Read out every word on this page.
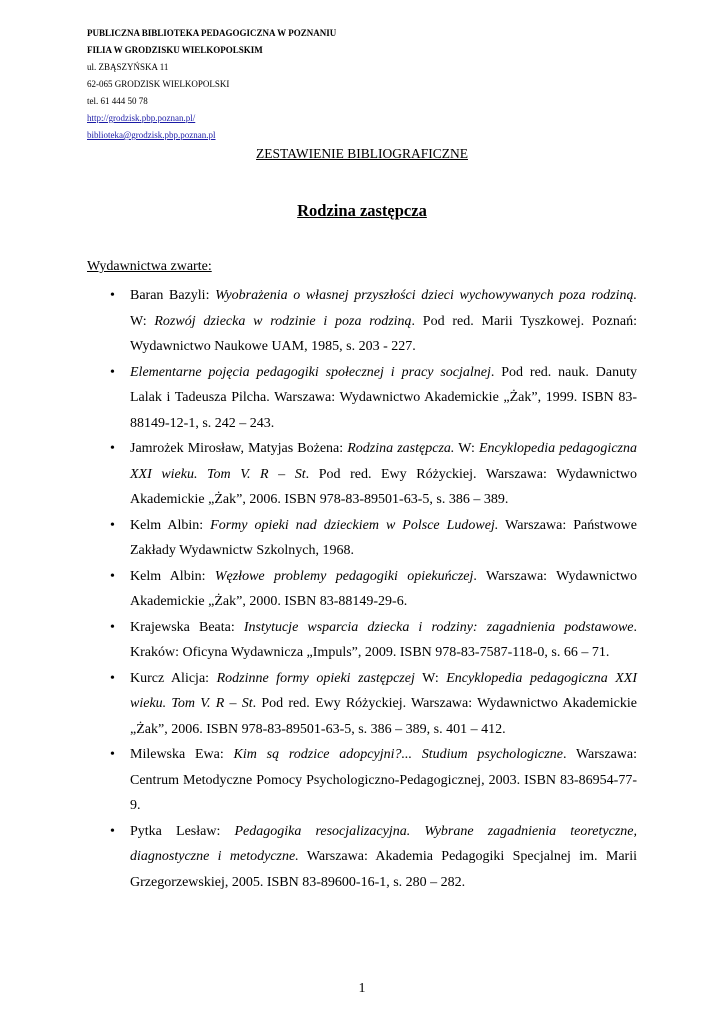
PUBLICZNA BIBLIOTEKA PEDAGOGICZNA W POZNANIU
FILIA W GRODZISKU WIELKOPOLSKIM
ul. ZBĄSZYŃSKA 11
62-065 GRODZISK WIELKOPOLSKI
tel. 61 444 50 78
http://grodzisk.pbp.poznan.pl/
biblioteka@grodzisk.pbp.poznan.pl
ZESTAWIENIE BIBLIOGRAFICZNE
Rodzina zastępcza
Wydawnictwa zwarte:
• Baran Bazyli: Wyobrażenia o własnej przyszłości dzieci wychowywanych poza rodziną. W: Rozwój dziecka w rodzinie i poza rodziną. Pod red. Marii Tyszkowej. Poznań: Wydawnictwo Naukowe UAM, 1985, s. 203 - 227.
• Elementarne pojęcia pedagogiki społecznej i pracy socjalnej. Pod red. nauk. Danuty Lalak i Tadeusza Pilcha. Warszawa: Wydawnictwo Akademickie „Żak”, 1999. ISBN 83-88149-12-1, s. 242 – 243.
• Jamrożek Mirosław, Matyjas Bożena: Rodzina zastępcza. W: Encyklopedia pedagogiczna XXI wieku. Tom V. R – St. Pod red. Ewy Różyckiej. Warszawa: Wydawnictwo Akademickie „Żak”, 2006. ISBN 978-83-89501-63-5, s. 386 – 389.
• Kelm Albin: Formy opieki nad dzieckiem w Polsce Ludowej. Warszawa: Państwowe Zakłady Wydawnictw Szkolnych, 1968.
• Kelm Albin: Węzłowe problemy pedagogiki opiekuńczej. Warszawa: Wydawnictwo Akademickie „Żak”, 2000. ISBN 83-88149-29-6.
• Krajewska Beata: Instytucje wsparcia dziecka i rodziny: zagadnienia podstawowe. Kraków: Oficyna Wydawnicza „Impuls”, 2009. ISBN 978-83-7587-118-0, s. 66 – 71.
• Kurcz Alicja: Rodzinne formy opieki zastępczej W: Encyklopedia pedagogiczna XXI wieku. Tom V. R – St. Pod red. Ewy Różyckiej. Warszawa: Wydawnictwo Akademickie „Żak”, 2006. ISBN 978-83-89501-63-5, s. 386 – 389, s. 401 – 412.
• Milewska Ewa: Kim są rodzice adopcyjni?... Studium psychologiczne. Warszawa: Centrum Metodyczne Pomocy Psychologiczno-Pedagogicznej, 2003. ISBN 83-86954-77-9.
• Pytka Lesław: Pedagogika resocjalizacyjna. Wybrane zagadnienia teoretyczne, diagnostyczne i metodyczne. Warszawa: Akademia Pedagogiki Specjalnej im. Marii Grzegorzewskiej, 2005. ISBN 83-89600-16-1, s. 280 – 282.
1
